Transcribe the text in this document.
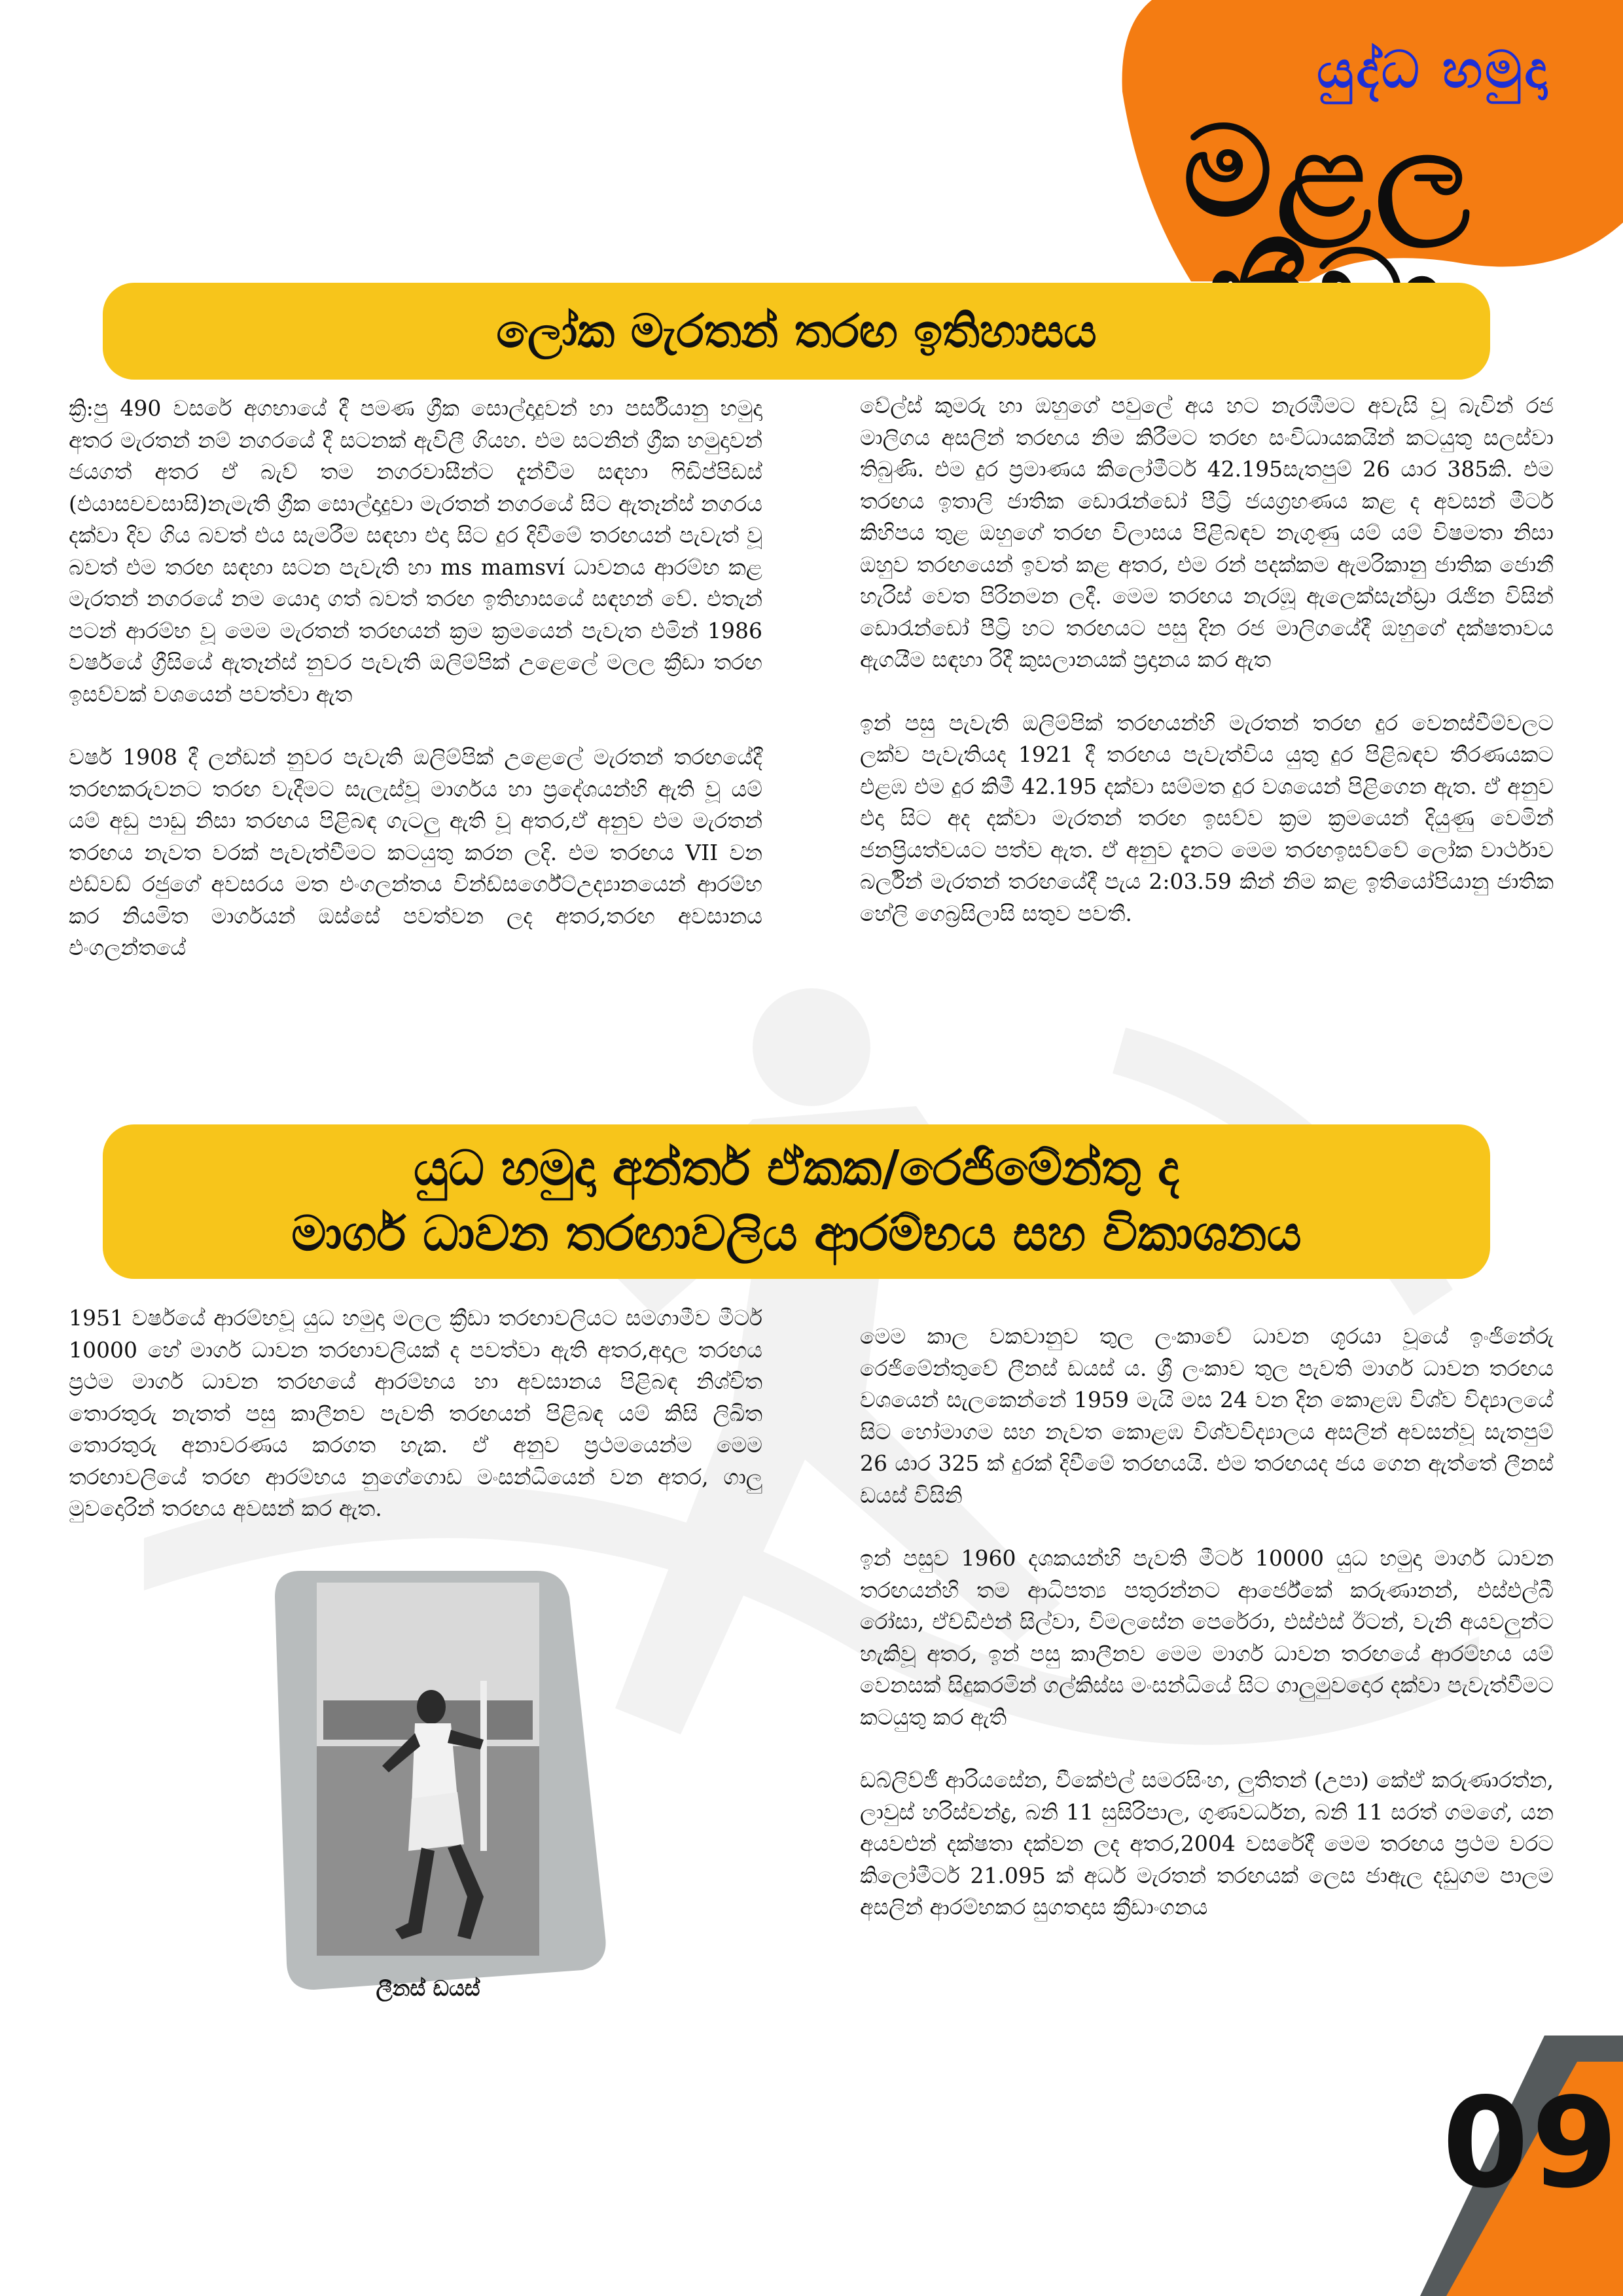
යුද්ධ හමුදා
මළල
ලෝක මැරතන් තරඟ ඉතිහාසය

ක්‍රි:පු 490 වසරේ අගභායේ දී පමණ ග්‍රීක සොල්දාදුවන් හා පර්සියානු හමුදා අතර මැරතන් නම් නගරයේ දී සටනක් ඇවිලී ගියහ. එම සටනින් ග්‍රීක හමුදාවන් ජයගත් අතර ඒ බැව් තම නගරවාසීන්ට දැන්වීම සඳහා ෆිඩිප්පිඩස් (ඵයාසචචසාසි)නැමැති ග්‍රීක සොල්දාදුවා මැරතන් නගරයේ සිට ඇතෑන්ස් නගරය දක්වා දිව ගිය බවත් එය සැමරීම සඳහා එදා සිට දුර දිවීමේ තරඟයන් පැවැත් වූ බවත් එම තරඟ සඳහා සටන පැවැති හා ms mamsví ධාවනය ආරම්භ කළ මැරතන් නගරයේ නම යොදා ගත් බවත් තරඟ ඉතිහාසයේ සඳහන් වේ. එතැන් පටන් ආරම්භ වූ මෙම මැරතන් තරඟයන් ක්‍රම ක්‍රමයෙන් පැවැත එමින් 1986 වර්ෂයේ ග්‍රීසියේ ඇතෑන්ස් නුවර පැවැති ඔලිම්පික් උළෙලේ මලල ක්‍රීඩා තරඟ ඉසව්වක් වශයෙන් පවත්වා ඇත

වර්ෂ 1908 දී ලන්ඩන් නුවර පැවැති ඔලිම්පික් උළෙලේ මැරතන් තරඟයේදී තරඟකරුවනට තරඟ වැදීමට සැලැස්වූ මාර්ගය හා ප්‍රදේශයන්හි ඇති වූ යම් යම් අඩු පාඩු නිසා තරඟය පිළිබඳ ගැටලු ඇති වූ අතර,ඒ අනුව එම මැරතන් තරඟය නැවත වරක් පැවැත්වීමට කටයුතු කරන ලදි. එම තරඟය VII වන එඩ්වඩ් රජුගේ අවසරය මත එංගලන්තය වින්ඩ්සර්ගේට්උද්‍යානයෙන් ආරම්භ කර නියමිත මාර්ගයන් ඔස්සේ පවත්වන ලද අතර,තරඟ අවසානය එංගලන්තයේ

වේල්ස් කුමරු හා ඔහුගේ පවුලේ අය හට නැරඹීමට අවැසි වූ බැවින් රජ මාලිගය අසලින් තරඟය නිම කිරීමට තරඟ සංවිධායකයින් කටයුතු සලස්වා තිබුණි. එම දුර ප්‍රමාණය කිලෝමීටර් 42.195සැතපුම් 26 යාර 385කි. එම තරඟය ඉතාලි ජාතික ඩොරැන්ඩෝ පීට්‍රි ජයග්‍රහණය කළ ද අවසන් මීටර් කිහිපය තුළ ඔහුගේ තරඟ විලාසය පිළිබඳව නැගුණු යම් යම් විෂමතා නිසා ඔහුව තරඟයෙන් ඉවත් කළ අතර, එම රන් පදක්කම ඇමරිකානු ජාතික ජොනී හැරිස් වෙත පිරිනමන ලදී. මෙම තරඟය නැරඹූ ඇලෙක්සැන්ඩ්‍රා රැජින විසින් ඩොරැන්ඩෝ පීට්‍රි හට තරඟයට පසු දින රජ මාලිගයේදී ඔහුගේ දක්ෂතාවය ඇගයීම සඳහා රිදී කුසලානයක් ප්‍රදානය කර ඇත

ඉන් පසු පැවැති ඔලිම්පික් තරඟයන්හි මැරතන් තරඟ දුර වෙනස්වීම්වලට ලක්ව පැවැතියද 1921 දී තරඟය පැවැත්විය යුතු දුර පිළිබඳව තීරණයකට එළඹ එම දුර කිමී 42.195 දක්වා සම්මත දුර වශයෙන් පිළිගෙන ඇත. ඒ අනුව එදා සිට අද දක්වා මැරතන් තරඟ ඉසව්ව ක්‍රම ක්‍රමයෙන් දියුණු වෙමින් ජනප්‍රියත්වයට පත්ව ඇත. ඒ අනුව දැනට මෙම තරඟඉසව්වේ ලෝක වාර්ථාව බර්ලින් මැරතන් තරඟයේදී පැය 2:03.59 කින් නිම කළ ඉතියෝපියානු ජාතික හේලි ගෙබ්‍රසිලාසි සතුව පවතී.

යුධ හමුදා අන්තර් ඒකක/රෙජිමේන්තු ද
මාර්ග ධාවන තරඟාවලිය ආරම්භය සහ විකාශනය

1951 වර්ෂයේ ආරම්භවූ යුධ හමුදා මලල ක්‍රීඩා තරඟාවලියට සමගාමීව මීටර් 10000 හේ මාර්ග ධාවන තරඟාවලියක් ද පවත්වා ඇති අතර,අදාල තරඟය ප්‍රථම මාර්ග ධාවන තරඟයේ ආරම්භය හා අවසානය පිළිබඳ නිශ්චිත තොරතුරු නැතත් පසු කාලීනව පැවති තරඟයන් පිළිබඳ යම් කිසි ලිඛිත තොරතුරු අනාවරණය කරගත හැක. ඒ අනුව ප්‍රථමයෙන්ම මෙම තරඟාවලියේ තරඟ ආරම්භය නුගේගොඩ මංසන්ධියෙන් වන අතර, ගාලු මුවදොරින් තරඟය අවසන් කර ඇත.

ලීනස් ඩයස්

මෙම කාල වකවානුව තුල ලංකාවේ ධාවන ශූරයා වූයේ ඉංජිනේරු රෙජිමේන්තුවේ ලීනස් ඩයස් ය. ශ්‍රී ලංකාව තුල පැවති මාර්ග ධාවන තරඟය වශයෙන් සැලකෙන්නේ 1959 මැයි මස 24 වන දින කොළඹ විශ්ව විද්‍යාලයේ සිට හෝමාගම සහ නැවත කොළඹ විශ්වවිද්‍යාලය අසලින් අවසන්වූ සැතපුම් 26 යාර 325 ක් දුරක් දිවීමේ තරඟයයි. එම තරඟයද ජය ගෙන ඇත්තේ ලීනස් ඩයස් විසිනි

ඉන් පසුව 1960 දශකයන්හි පැවති මීටර් 10000 යුධ හමුදා මාර්ග ධාවන තරඟයන්හි තම ආධිපත්‍ය පතුරන්නට ආර්ජේකේ කරුණානන්, එස්එල්බී රෝසා, ඒච්ඩීඑන් සිල්වා, විමලසේන පෙරේරා, එස්එස් ඊටන්, වැනි අයවලුන්ට හැකිවූ අතර, ඉන් පසු කාලීනව මෙම මාර්ග ධාවන තරඟයේ ආරම්භය යම් වෙනසක් සිදුකරමින් ගල්කිස්ස මංසන්ධියේ සිට ගාලුමුවදොර දක්වා පැවැත්වීමට කටයුතු කර ඇති

ඩබ්ලිව්ජී ආරියසේන, වීකේඑල් සමරසිංහ, ලුතිතන් (උපා) කේඒ කරුණාරත්න, ලාවුස් හරිස්චන්ද්‍ර, බනි 11 සුසිරිපාල, ගුණවර්ධන, බනි 11 සරත් ගමගේ, යන අයවළුන් දක්ෂතා දක්වන ලද අතර,2004 වසරේදී මෙම තරඟය ප්‍රථම වරට කිලෝමීටර් 21.095 ක් අර්ධ මැරතන් තරඟයක් ලෙස ජාඇල දඩුගම පාලම අසලින් ආරම්භකර සුගතදාස ක්‍රීඩාංගනය

09
